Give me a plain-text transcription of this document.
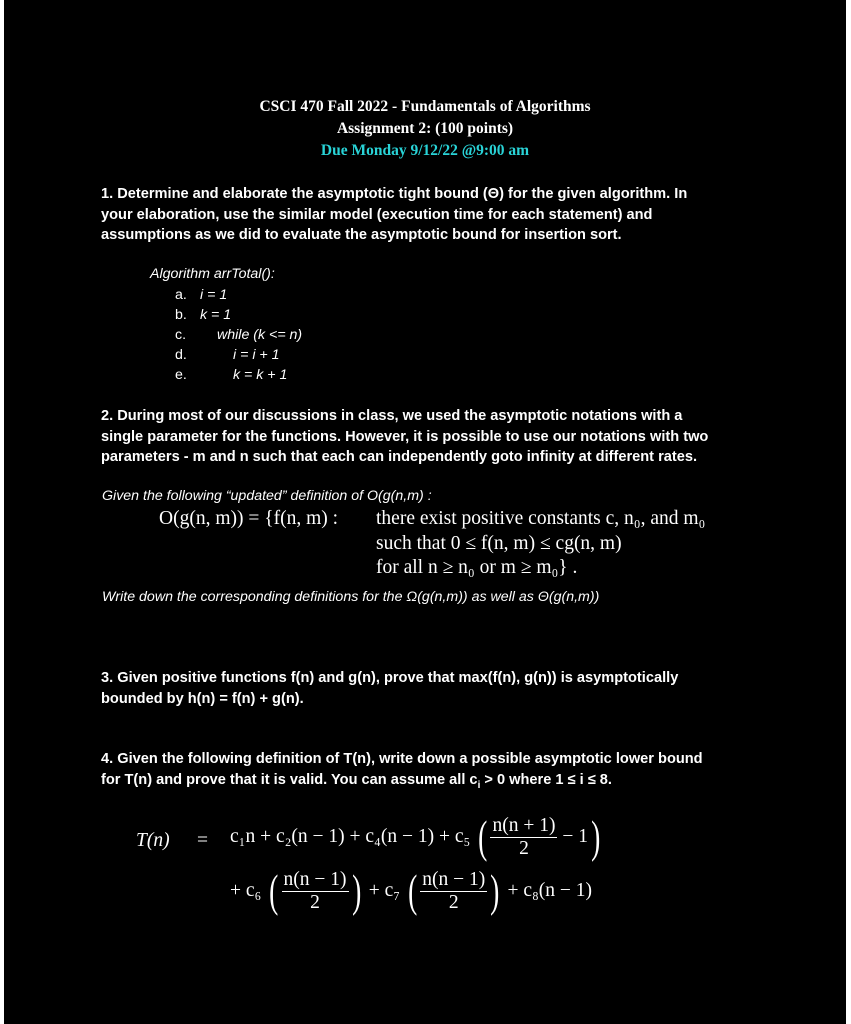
CSCI 470 Fall 2022 - Fundamentals of Algorithms
Assignment 2: (100 points)
Due Monday 9/12/22 @9:00 am
1. Determine and elaborate the asymptotic tight bound (Θ) for the given algorithm. In
your elaboration, use the similar model (execution time for each statement) and
assumptions as we did to evaluate the asymptotic bound for insertion sort.
Algorithm arrTotal():
a. i = 1
b. k = 1
c.	while (k <= n)
d.	i = i + 1
e.	k = k + 1
2. During most of our discussions in class, we used the asymptotic notations with a
single parameter for the functions. However, it is possible to use our notations with two
parameters - m and n such that each can independently goto infinity at different rates.
Given the following “updated” definition of O(g(n,m) :
O(g(n, m)) = {f(n, m) : there exist positive constants c, n₀, and m₀
such that 0 ≤ f(n, m) ≤ cg(n, m)
for all n ≥ n₀ or m ≥ m₀} .
Write down the corresponding definitions for the Ω(g(n,m)) as well as Θ(g(n,m))
3. Given positive functions f(n) and g(n), prove that max(f(n), g(n)) is asymptotically
bounded by h(n) = f(n) + g(n).
4. Given the following definition of T(n), write down a possible asymptotic lower bound
for T(n) and prove that it is valid. You can assume all $c_i > 0$ where 1 ≤ i ≤ 8.
T(n) = c₁n + c₂(n − 1) + c₄(n − 1) + c₅ ( $\frac{n(n + 1)}{2} - 1$)
+ c₆ ( $\frac{n(n - 1)}{2}$ ) + c₇ ( $\frac{n(n - 1)}{2}$ ) + c₈(n − 1)
